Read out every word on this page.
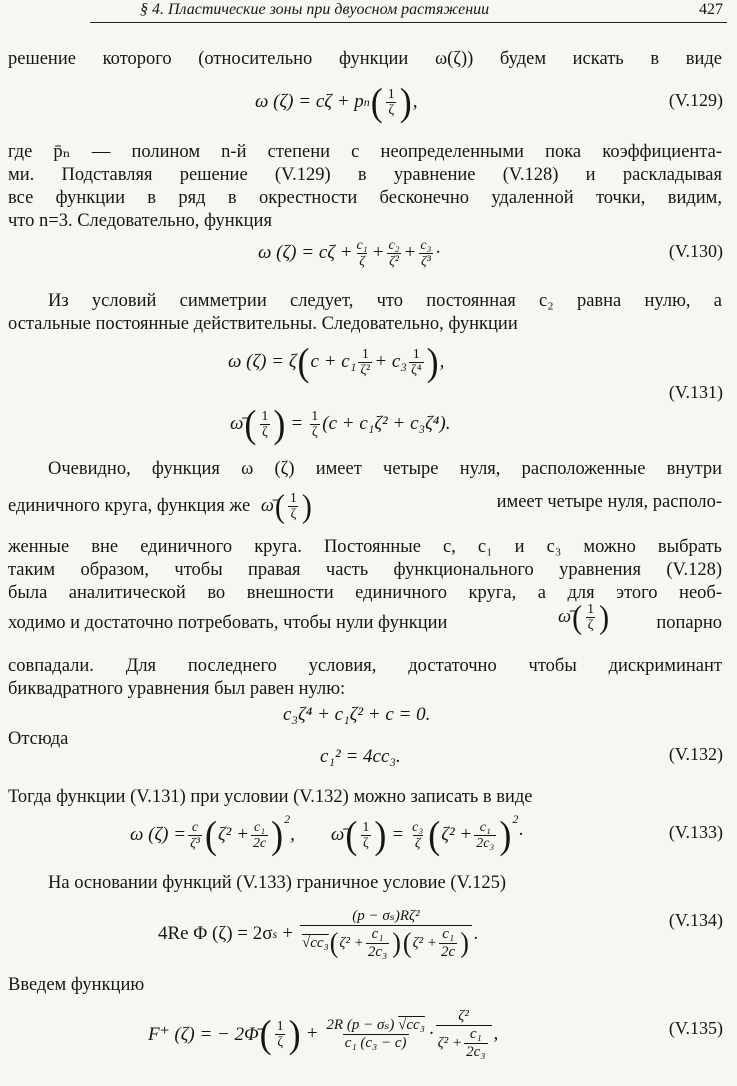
§ 4. Пластические зоны при двуосном растяжении	427

решение которого (относительно функции ω(ζ)) будем искать в виде

ω (ζ) = cζ + p n ( $\frac{1}{\zeta}$ ) ,	(V.129)

где p̄ₙ — полином n-й степени с неопределенными пока коэффициента-

ми. Подставляя решение (V.129) в уравнение (V.128) и раскладывая

все функции в ряд в окрестности бесконечно удаленной точки, видим,

что n=3. Следовательно, функция

ω $(\zeta) = c\zeta + \frac{\text{c₁}}{\zeta} + \frac{\text{c₂}}{\text{ζ²}} + \frac{\text{c₃}}{\text{ζ³}}$ ·	(V.130)

Из условий симметрии следует, что постоянная c₂ равна нулю, а

остальные постоянные действительны. Следовательно, функции

ω (ζ) = ζ ( $c + c_1 \frac{1}{\text{ζ²}} + c_3 \frac{1}{\text{ζ⁴}}$ ) ,
ω̄ ( $\frac{1}{\zeta}$ ) = $\frac{1}{\zeta} (c + c_1\zeta^2 + c_3\zeta^4)$.
(V.131)

Очевидно, функция ω (ζ) имеет четыре нуля, расположенные внутри

единичного круга, функция же ω̄ ( $\frac{1}{\zeta}$ )	имеет четыре нуля, располо-

женные вне единичного круга. Постоянные c, c₁ и c₃ можно выбрать

таким образом, чтобы правая часть функционального уравнения (V.128)

была аналитической во внешности единичного круга, а для этого необ-

ходимо и достаточно потребовать, чтобы нули функции	ω̄ ( $\frac{1}{\zeta}$ )	попарно

совпадали. Для последнего условия, достаточно чтобы дискриминант

биквадратного уравнения был равен нулю:

c₃ζ⁴ + c₁ζ² + c = 0.
Отсюда
c₁² = 4cc₃.	(V.132)

Тогда функции (V.131) при условии (V.132) можно записать в виде

ω $(\zeta) = \frac{c}{\text{ζ³}}$ ( $\zeta^2 + \frac{\text{c₁}}{2c} )^2$
, ω̄ ( $\frac{1}{\zeta}$ ) = $\frac{\text{c₃}}{\zeta}$ ( $\zeta^2 + \frac{\text{c₁}}{\text{2c₃}} )^2$
·	(V.133)

На основании функций (V.133) граничное условие (V.125)

4Re Φ (ζ) = 2σ s +
(p − σₛ)Rζ²
√cc₃ ( $\zeta^2 + \frac{\text{c₁}}{\text{2c₃}}$ ) ( $\zeta^2 + \frac{\text{c₁}}{2c}$ ) .
(V.134)
Введем функцию
F⁺ (ζ) = − 2Φ̄ ( $\frac{1}{\zeta}$ ) + $\frac{\text{2R (p − σₛ) √cc₃}}{\text{c₁ (c₃ − c)}} \cdot \frac{\text{ζ²}}{\zeta^2 + \frac{\text{c₁}}{\text{2c₃}}}$ ,	(V.135)
